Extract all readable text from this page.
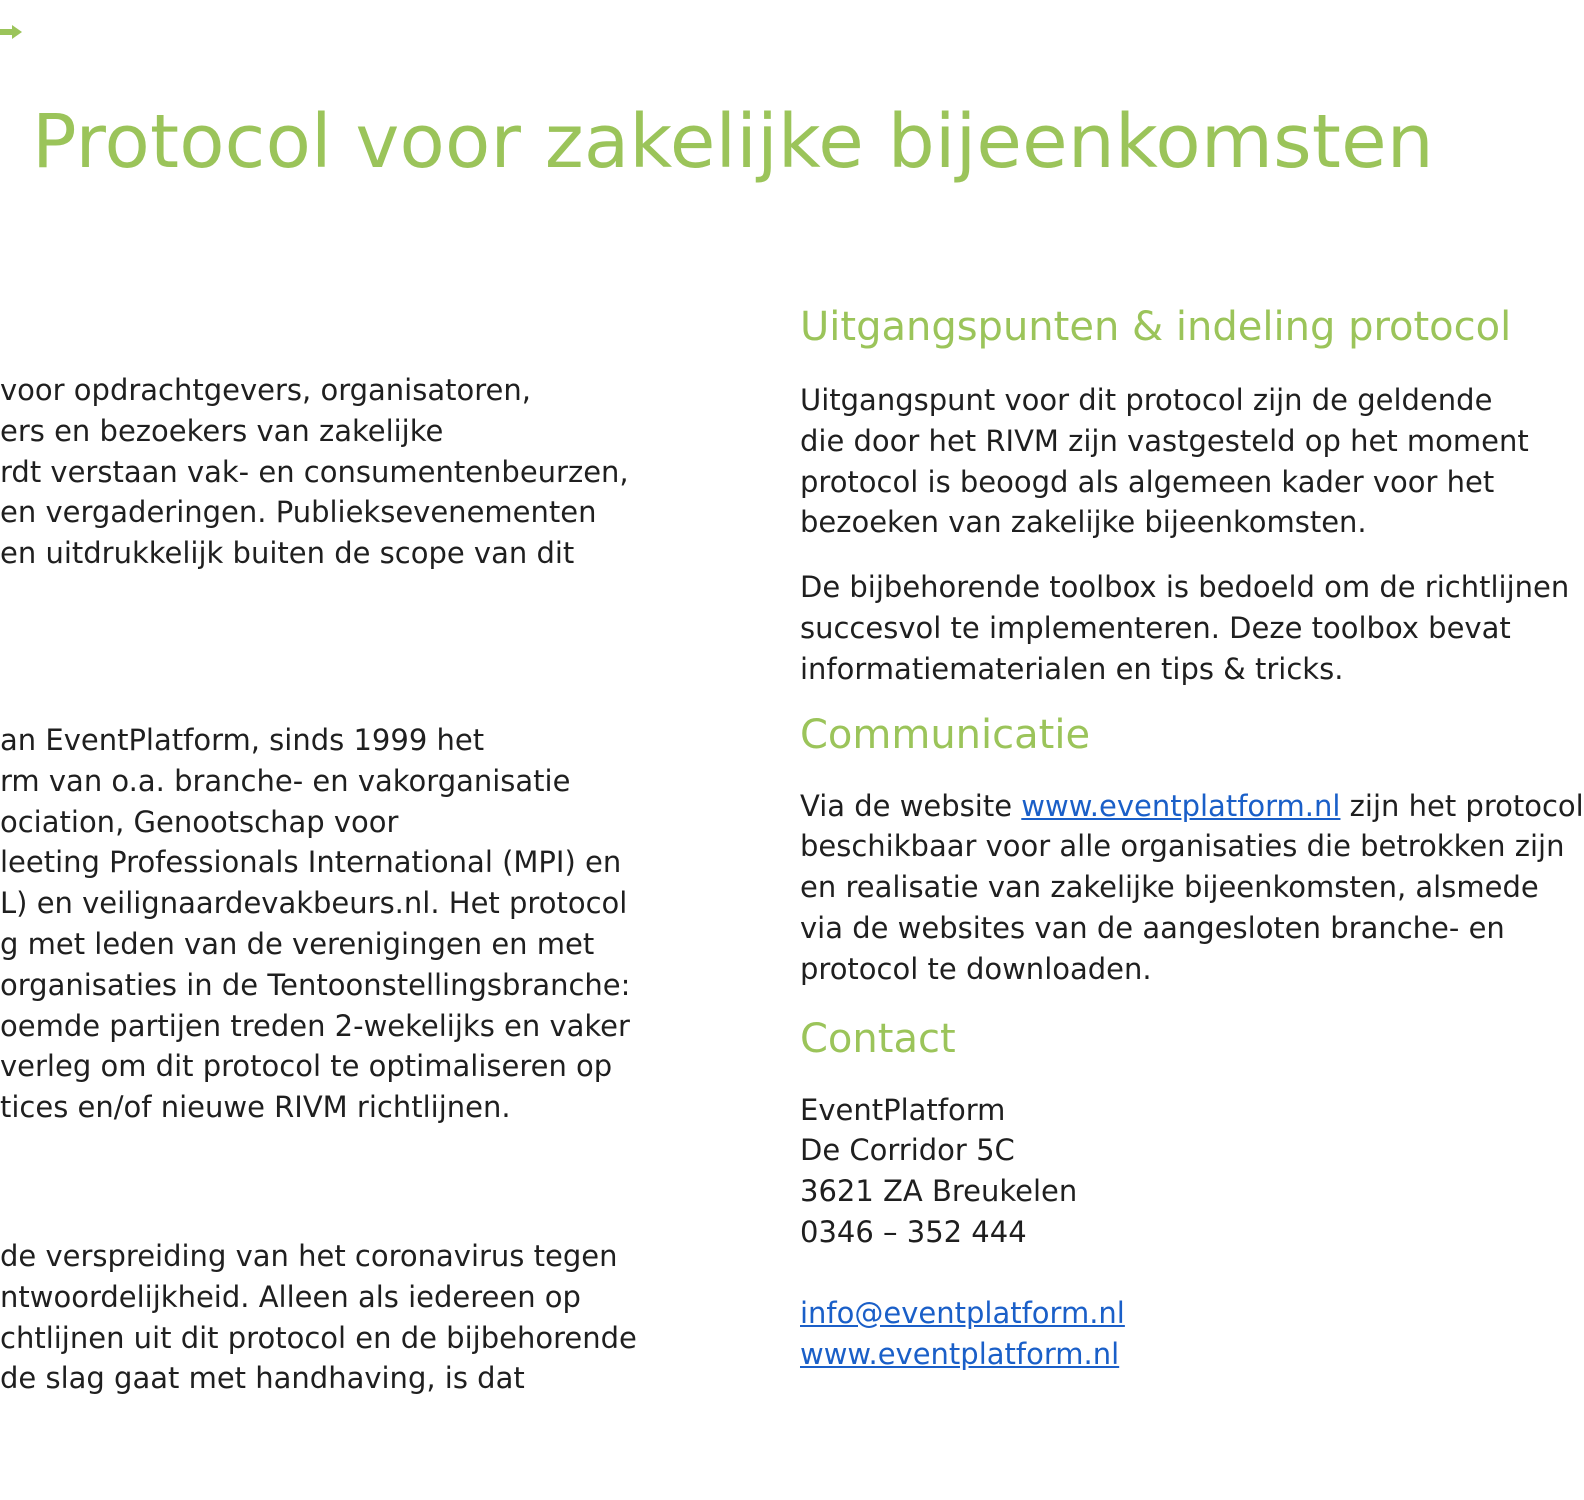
Protocol voor zakelijke bijeenkomsten

voor opdrachtgevers, organisatoren,

ers en bezoekers van zakelijke

rdt verstaan vak- en consumentenbeurzen,

en vergaderingen. Publieksevenementen

en uitdrukkelijk buiten de scope van dit

an EventPlatform, sinds 1999 het

rm van o.a. branche- en vakorganisatie

ociation, Genootschap voor

leeting Professionals International (MPI) en

L) en veilignaardevakbeurs.nl. Het protocol

g met leden van de verenigingen en met

organisaties in de Tentoonstellingsbranche:

oemde partijen treden 2-wekelijks en vaker

verleg om dit protocol te optimaliseren op

tices en/of nieuwe RIVM richtlijnen.

de verspreiding van het coronavirus tegen

ntwoordelijkheid. Alleen als iedereen op

chtlijnen uit dit protocol en de bijbehorende

de slag gaat met handhaving, is dat

Uitgangspunten & indeling protocol

Uitgangspunt voor dit protocol zijn de geldende

die door het RIVM zijn vastgesteld op het moment

protocol is beoogd als algemeen kader voor het

bezoeken van zakelijke bijeenkomsten.

De bijbehorende toolbox is bedoeld om de richtlijnen

succesvol te implementeren. Deze toolbox bevat

informatiematerialen en tips & tricks.

Communicatie

Via de website www.eventplatform.nl zijn het protocol

beschikbaar voor alle organisaties die betrokken zijn

en realisatie van zakelijke bijeenkomsten, alsmede

via de websites van de aangesloten branche- en

protocol te downloaden.

Contact

EventPlatform

De Corridor 5C

3621 ZA Breukelen

0346 – 352 444

info@eventplatform.nl

www.eventplatform.nl
